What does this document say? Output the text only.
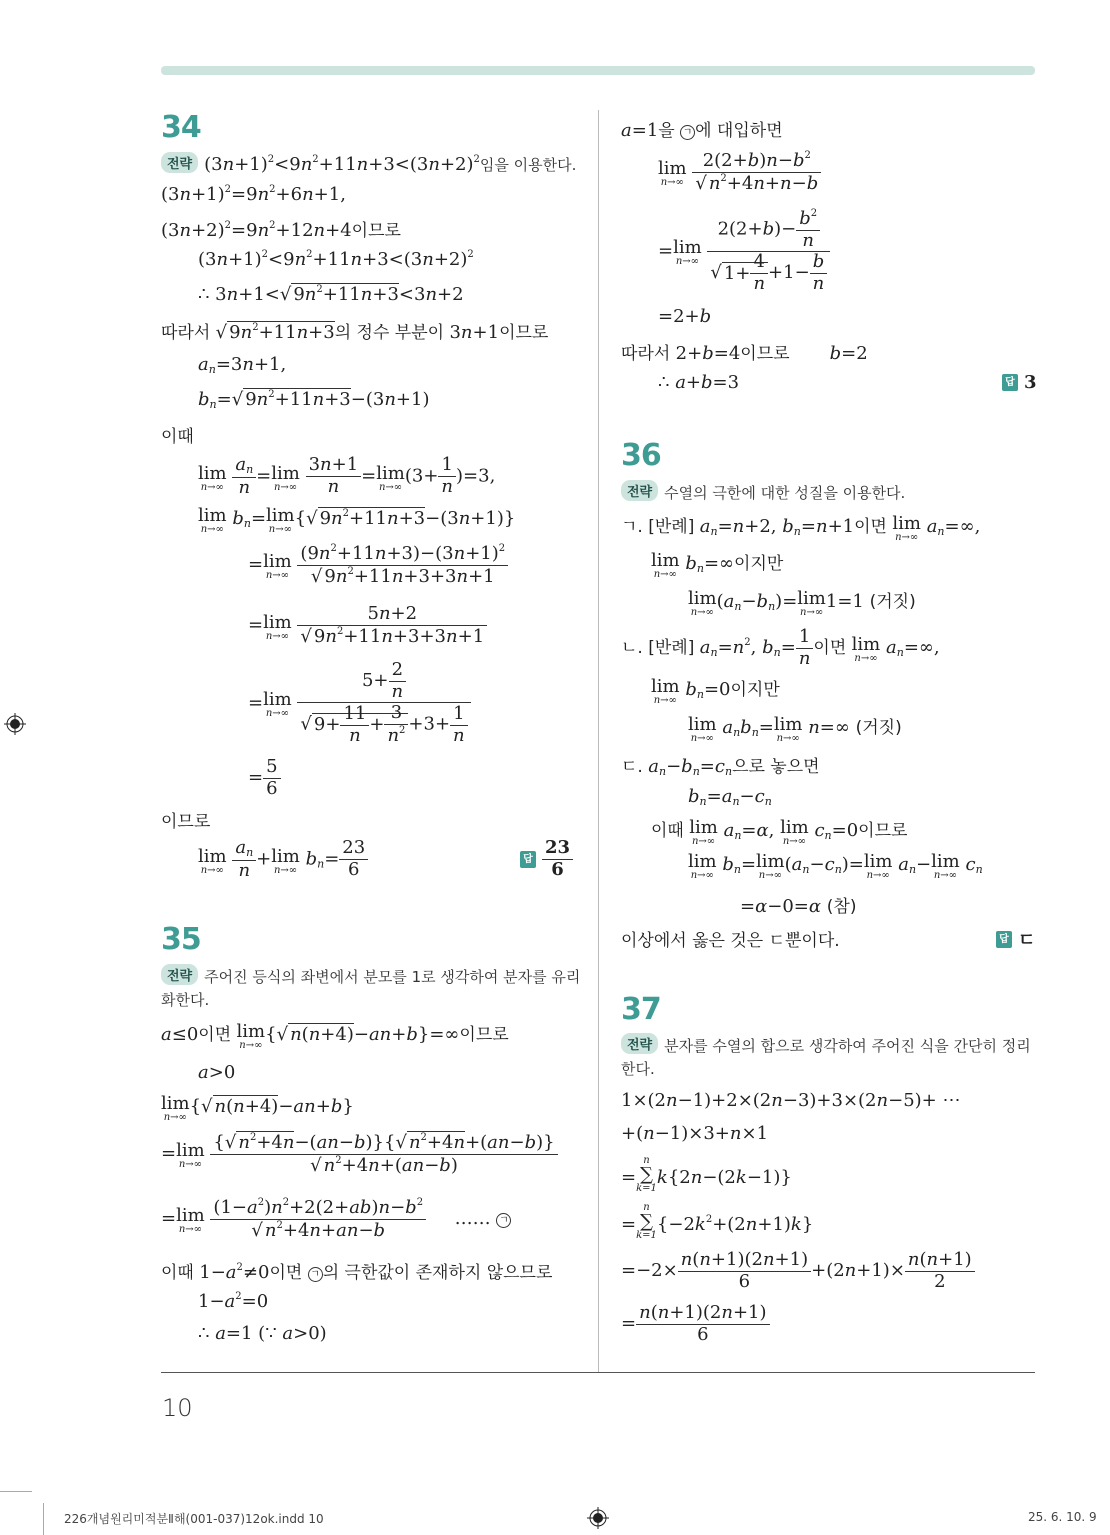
34
전략 $(3n+1)^2<9n^2+11n+3<(3n+2)^2$임을 이용한다.
$(3n+1)^2=9n^2+6n+1$,
$(3n+2)^2=9n^2+12n+4$이므로
$(3n+1)^2<9n^2+11n+3<(3n+2)^2$
∴ 3n+1<√ $9n^2+11n+3<3n+2$
따라서 √ $9n^2+11n+3$의 정수 부분이 3n+1이므로
$a_n=3n+1$,
$b_n=√$ $9n^2+11n+3-(3n+1)$
이때
lim
n→∞
$\frac{a_n}{n} = \lim$
n→∞
$\frac{3n+1}{n} = \lim$
n→∞
$(3+ \frac{1}{n} )=3$,
lim
n→∞
$b_n= \lim$
n→∞
{√ $9n^2+11n+3-(3n+1)$}
= lim
n→∞
$\frac{(9n^2+11n+3)-(3n+1)^2}{√ 9n^2+11n+3+3n+1}$
= lim
n→∞
$\frac{5n+2}{√ 9n^2+11n+3+3n+1}$
= lim
n→∞
$\frac{5+ \frac{2}{n}}{√ 9+ \frac{11}{n} + \frac{3}{n^2} +3+ \frac{1}{n}}$
= $\frac{5}{6}$
이므로
lim
n→∞
$\frac{a_n}{n} + \lim$
n→∞
$b_n= \frac{23}{6}$	답 $\frac{23}{6}$
35
전략 주어진 등식의 좌변에서 분모를 1로 생각하여 분자를 유리
화한다.
a≤0이면 lim
n→∞
{√ n(n+4)−an+b}=∞이므로
a>0
lim
n→∞
{√ n(n+4)−an+b}
= lim
n→∞
$\frac{\{√ n^2+4n-(an-b)\}\{√ n^2+4n+(an-b)\}}{√ n^2+4n+(an-b)}$
= lim
n→∞
$\frac{(1-a^2)n^2+2(2+ab)n-b^2}{√ n^2+4n+an-b}$ …… ㄱ
이때 $1-a^2\ne 0$이면 ㄱ 의 극한값이 존재하지 않으므로
$1-a^2=0$
∴ a=1 (∵ a>0)
a=1을 ㄱ 에 대입하면
lim
n→∞
$\frac{2(2+b)n-b^2}{√ n^2+4n+n-b}$
= lim
n→∞
$\frac{2(2+b)- \frac{b^2}{n}}{√ 1+ \frac{4}{n} +1- \frac{b}{n}}$
=2+b
따라서 2+b=4이므로 b=2
∴ a+b=3	답 3
36
전략 수열의 극한에 대한 성질을 이용한다.
ㄱ. [반례] $a_n=n+2$, $b_n=n+1$이면 lim
n→∞
$a_n=\infty$,
lim
n→∞
$b_n=\infty$이지만
lim
n→∞
$(a_n-b_n)= \lim$
n→∞
1=1 (거짓)
ㄴ. [반례] $a_n=n^2$, $b_n= \frac{1}{n}$ 이면 lim
n→∞
$a_n=\infty$,
lim
n→∞
$b_n=0$이지만
lim
n→∞
$a_nb_n= \lim$
n→∞
n=∞ (거짓)
ㄷ. $a_n-b_n=c_n$으로 놓으면
$b_n=a_n-c_n$
이때 lim
n→∞
$a_n=\alpha$, lim
n→∞
$c_n=0$이므로
lim
n→∞
$b_n= \lim$
n→∞
$(a_n-c_n)= \lim$
n→∞
$a_n- \lim$
n→∞
$c_n$
=α−0=α (참)
이상에서 옳은 것은 ㄷ뿐이다.	답 ㄷ
37
전략 분자를 수열의 합으로 생각하여 주어진 식을 간단히 정리
한다.
1×(2n−1)+2×(2n−3)+3×(2n−5)+ ⋯
+(n−1)×3+n×1
=
n
∑
k=1
k{2n−(2k−1)}
=
n
∑
k=1
$\{-2k^2+(2n+1)k\}$
$=-2\times \frac{n(n+1)(2n+1)}{6} +(2n+1)\times \frac{n(n+1)}{2}$
= $\frac{n(n+1)(2n+1)}{6}$
10
226개념원리미적분Ⅱ해(001-037)12ok.indd 10	25. 6. 10. 9
